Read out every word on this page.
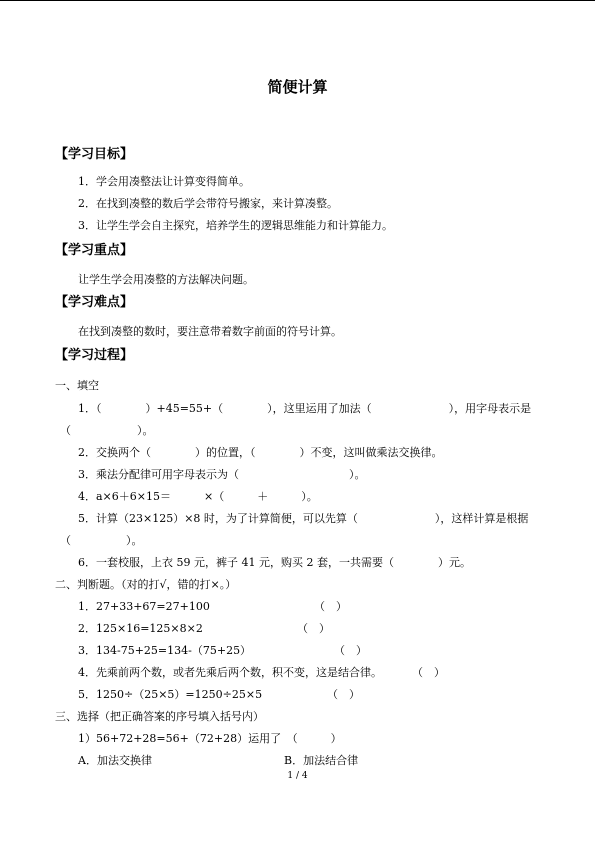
简便计算
【学习目标】
1．学会用凑整法让计算变得简单。
2．在找到凑整的数后学会带符号搬家，来计算凑整。
3．让学生学会自主探究，培养学生的逻辑思维能力和计算能力。
【学习重点】
让学生学会用凑整的方法解决问题。
【学习难点】
在找到凑整的数时，要注意带着数字前面的符号计算。
【学习过程】
一、填空
1．（　　　　）+45=55+（　　　　），这里运用了加法（　　　　　　　），用字母表示是
（　　　　　　）。
2．交换两个（　　　　）的位置，（　　　　）不变，这叫做乘法交换律。
3．乘法分配律可用字母表示为（　　　　　　　　　　）。
4．a×6＋6×15＝　　　×（　　　＋　　　）。
5．计算（23×125）×8 时，为了计算简便，可以先算（　　　　　　　），这样计算是根据
（　　　　　）。
6．一套校服，上衣 59 元，裤子 41 元，购买 2 套，一共需要（　　　　）元。
二、判断题。（对的打√，错的打×。）
1．27+33+67=27+100	（　）
2．125×16=125×8×2	（　）
3．134-75+25=134-（75+25）	（　）
4．先乘前两个数，或者先乘后两个数，积不变，这是结合律。	（　）
5．1250÷（25×5）=1250÷25×5	（　）
三、选择（把正确答案的序号填入括号内）
1）56+72+28=56+（72+28）运用了　（　　　）
A．加法交换律	B．加法结合律
1 / 4
